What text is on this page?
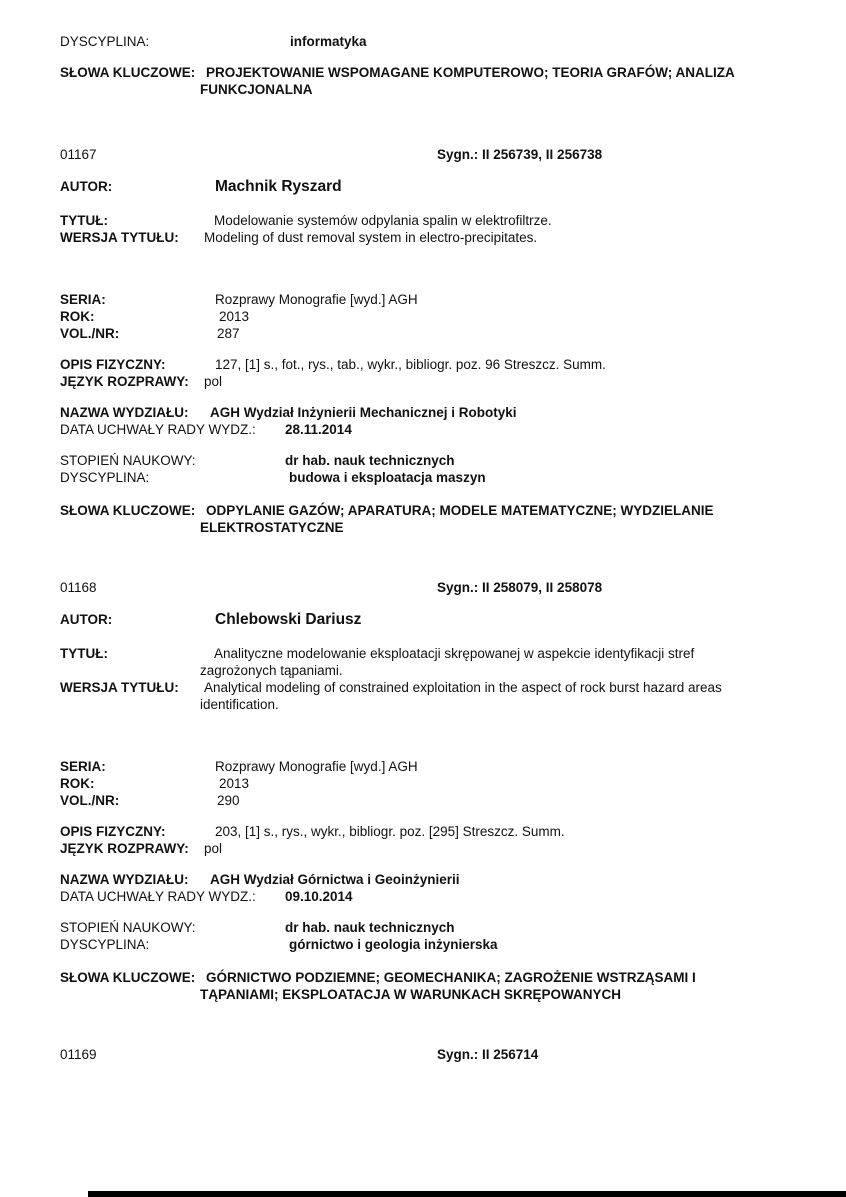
DYSCYPLINA:	informatyka
SŁOWA KLUCZOWE: PROJEKTOWANIE WSPOMAGANE KOMPUTEROWO; TEORIA GRAFÓW; ANALIZA FUNKCJONALNA
01167	Sygn.: II 256739, II 256738
AUTOR:	Machnik Ryszard
TYTUŁ:	Modelowanie systemów odpylania spalin w elektrofiltrze.
WERSJA TYTUŁU:	Modeling of dust removal system in electro-precipitates.
SERIA:	Rozprawy Monografie [wyd.] AGH
ROK:	2013
VOL./NR:	287
OPIS FIZYCZNY:	127, [1] s., fot., rys., tab., wykr., bibliogr. poz. 96 Streszcz. Summ.
JĘZYK ROZPRAWY:	pol
NAZWA WYDZIAŁU:	AGH Wydział Inżynierii Mechanicznej i Robotyki
DATA UCHWAŁY RADY WYDZ.:	28.11.2014
STOPIEŃ NAUKOWY:	dr hab. nauk technicznych
DYSCYPLINA:	budowa i eksploatacja maszyn
SŁOWA KLUCZOWE: ODPYLANIE GAZÓW; APARATURA; MODELE MATEMATYCZNE; WYDZIELANIE ELEKTROSTATYCZNE
01168	Sygn.: II 258079, II 258078
AUTOR:	Chlebowski Dariusz
TYTUŁ:	Analityczne modelowanie eksploatacji skrępowanej w aspekcie identyfikacji stref zagrożonych tąpaniami.
WERSJA TYTUŁU:	Analytical modeling of constrained exploitation in the aspect of rock burst hazard areas identification.
SERIA:	Rozprawy Monografie [wyd.] AGH
ROK:	2013
VOL./NR:	290
OPIS FIZYCZNY:	203, [1] s., rys., wykr., bibliogr. poz. [295] Streszcz. Summ.
JĘZYK ROZPRAWY:	pol
NAZWA WYDZIAŁU:	AGH Wydział Górnictwa i Geoinżynierii
DATA UCHWAŁY RADY WYDZ.:	09.10.2014
STOPIEŃ NAUKOWY:	dr hab. nauk technicznych
DYSCYPLINA:	górnictwo i geologia inżynierska
SŁOWA KLUCZOWE: GÓRNICTWO PODZIEMNE; GEOMECHANIKA; ZAGROŻENIE WSTRZĄSAMI I TĄPANIAMI; EKSPLOATACJA W WARUNKACH SKRĘPOWANYCH
01169	Sygn.: II 256714
